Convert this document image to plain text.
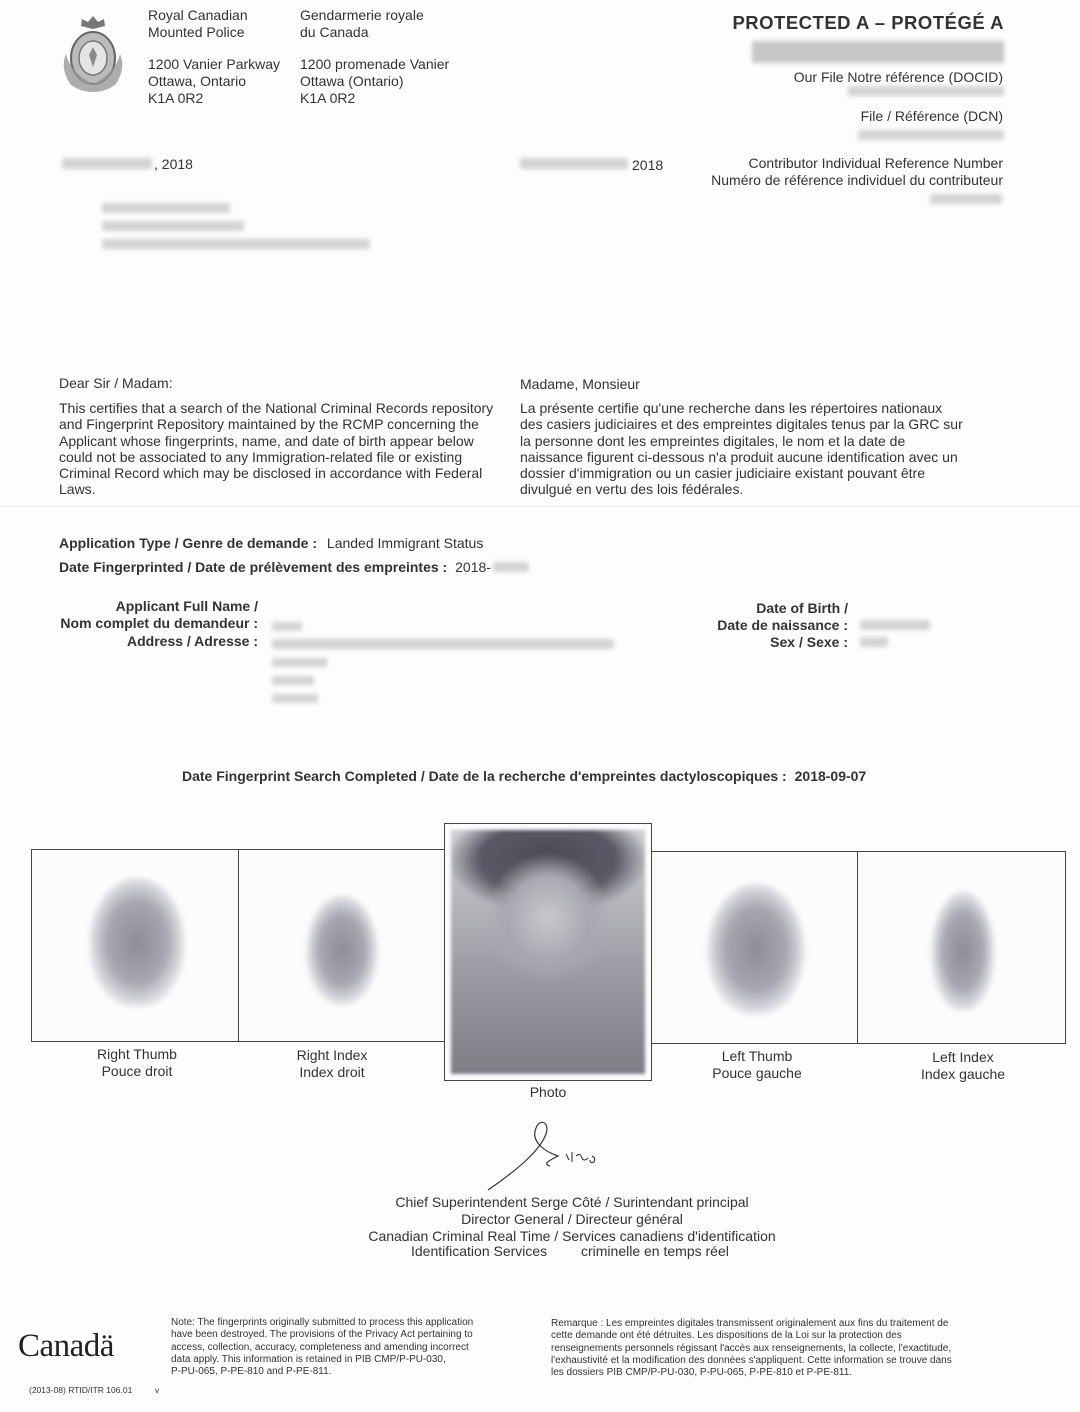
Royal Canadian
Mounted Police
Gendarmerie royale
du Canada
1200 Vanier Parkway
Ottawa, Ontario
K1A 0R2
1200 promenade Vanier
Ottawa (Ontario)
K1A 0R2
PROTECTED A – PROTÉGÉ A
Our File Notre référence (DOCID)
File / Référence (DCN)
, 2018	2018	Contributor Individual Reference Number
Numéro de référence individuel du contributeur

Dear Sir / Madam:	Madame, Monsieur
This certifies that a search of the National Criminal Records repository
and Fingerprint Repository maintained by the RCMP concerning the
Applicant whose fingerprints, name, and date of birth appear below
could not be associated to any Immigration-related file or existing
Criminal Record which may be disclosed in accordance with Federal
Laws.
La présente certifie qu'une recherche dans les répertoires nationaux
des casiers judiciaires et des empreintes digitales tenus par la GRC sur
la personne dont les empreintes digitales, le nom et la date de
naissance figurent ci-dessous n'a produit aucune identification avec un
dossier d'immigration ou un casier judiciaire existant pouvant être
divulgué en vertu des lois fédérales.
Application Type / Genre de demande : Landed Immigrant Status
Date Fingerprinted / Date de prélèvement des empreintes : 2018-
Applicant Full Name /
Nom complet du demandeur :
Address / Adresse :

Date of Birth /
Date de naissance :
Sex / Sexe :
Date Fingerprint Search Completed / Date de la recherche d'empreintes dactyloscopiques : 2018-09-07
Right Thumb
Pouce droit
Right Index
Index droit
Photo
Left Thumb
Pouce gauche
Left Index
Index gauche
Chief Superintendent Serge Côté / Surintendant principal
Director General / Directeur général
Canadian Criminal Real Time / Services canadiens d'identification
Identification Services criminelle en temps réel
Canadä
(2013-08) RTID/ITR 106.01	v
Note: The fingerprints originally submitted to process this application
have been destroyed. The provisions of the Privacy Act pertaining to
access, collection, accuracy, completeness and amending incorrect
data apply. This information is retained in PIB CMP/P-PU-030,
P-PU-065, P-PE-810 and P-PE-811.
Remarque : Les empreintes digitales transmissent originalement aux fins du traitement de
cette demande ont été détruites. Les dispositions de la Loi sur la protection des
renseignements personnels régissant l'accès aux renseignements, la collecte, l'exactitude,
l'exhaustivité et la modification des données s'appliquent. Cette information se trouve dans
les dossiers PIB CMP/P-PU-030, P-PU-065, P-PE-810 et P-PE-811.
